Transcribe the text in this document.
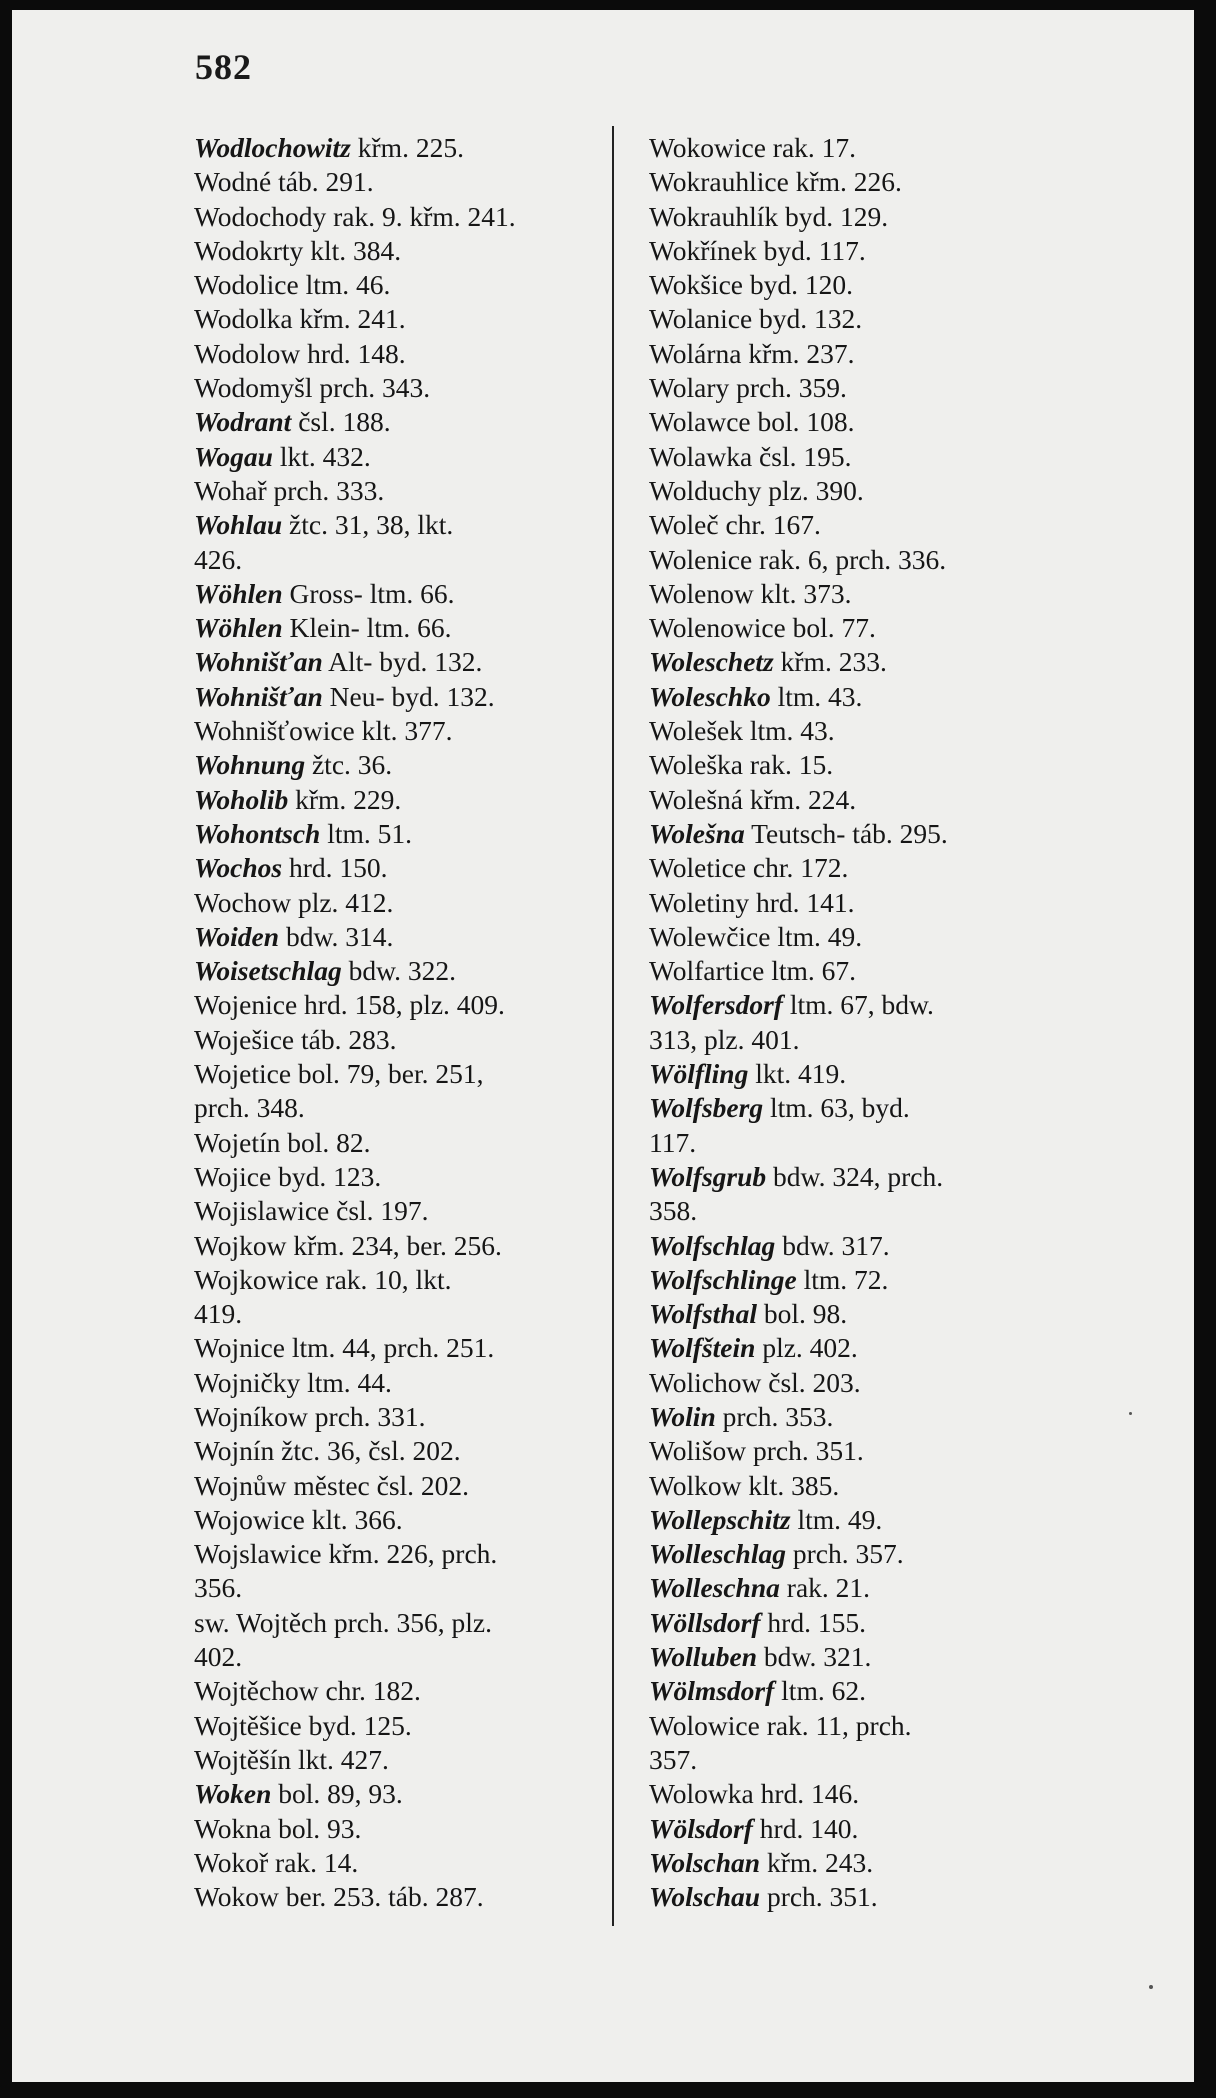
582
Wodlochowitz křm. 225.
Wodné táb. 291.
Wodochody rak. 9. křm. 241.
Wodokrty klt. 384.
Wodolice ltm. 46.
Wodolka křm. 241.
Wodolow hrd. 148.
Wodomyšl prch. 343.
Wodrant čsl. 188.
Wogau lkt. 432.
Wohař prch. 333.
Wohlau žtc. 31, 38, lkt.
426.
Wöhlen Gross- ltm. 66.
Wöhlen Klein- ltm. 66.
Wohnišťan Alt- byd. 132.
Wohnišťan Neu- byd. 132.
Wohnišťowice klt. 377.
Wohnung žtc. 36.
Woholib křm. 229.
Wohontsch ltm. 51.
Wochos hrd. 150.
Wochow plz. 412.
Woiden bdw. 314.
Woisetschlag bdw. 322.
Wojenice hrd. 158, plz. 409.
Woješice táb. 283.
Wojetice bol. 79, ber. 251,
prch. 348.
Wojetín bol. 82.
Wojice byd. 123.
Wojislawice čsl. 197.
Wojkow křm. 234, ber. 256.
Wojkowice rak. 10, lkt.
419.
Wojnice ltm. 44, prch. 251.
Wojničky ltm. 44.
Wojníkow prch. 331.
Wojnín žtc. 36, čsl. 202.
Wojnůw městec čsl. 202.
Wojowice klt. 366.
Wojslawice křm. 226, prch.
356.
sw. Wojtěch prch. 356, plz.
402.
Wojtěchow chr. 182.
Wojtěšice byd. 125.
Wojtěšín lkt. 427.
Woken bol. 89, 93.
Wokna bol. 93.
Wokoř rak. 14.
Wokow ber. 253. táb. 287.
Wokowice rak. 17.
Wokrauhlice křm. 226.
Wokrauhlík byd. 129.
Wokřínek byd. 117.
Wokšice byd. 120.
Wolanice byd. 132.
Wolárna křm. 237.
Wolary prch. 359.
Wolawce bol. 108.
Wolawka čsl. 195.
Wolduchy plz. 390.
Woleč chr. 167.
Wolenice rak. 6, prch. 336.
Wolenow klt. 373.
Wolenowice bol. 77.
Woleschetz křm. 233.
Woleschko ltm. 43.
Wolešek ltm. 43.
Woleška rak. 15.
Wolešná křm. 224.
Wolešna Teutsch- táb. 295.
Woletice chr. 172.
Woletiny hrd. 141.
Wolewčice ltm. 49.
Wolfartice ltm. 67.
Wolfersdorf ltm. 67, bdw.
313, plz. 401.
Wölfling lkt. 419.
Wolfsberg ltm. 63, byd.
117.
Wolfsgrub bdw. 324, prch.
358.
Wolfschlag bdw. 317.
Wolfschlinge ltm. 72.
Wolfsthal bol. 98.
Wolfštein plz. 402.
Wolichow čsl. 203.
Wolin prch. 353.
Wolišow prch. 351.
Wolkow klt. 385.
Wollepschitz ltm. 49.
Wolleschlag prch. 357.
Wolleschna rak. 21.
Wöllsdorf hrd. 155.
Wolluben bdw. 321.
Wölmsdorf ltm. 62.
Wolowice rak. 11, prch.
357.
Wolowka hrd. 146.
Wölsdorf hrd. 140.
Wolschan křm. 243.
Wolschau prch. 351.
